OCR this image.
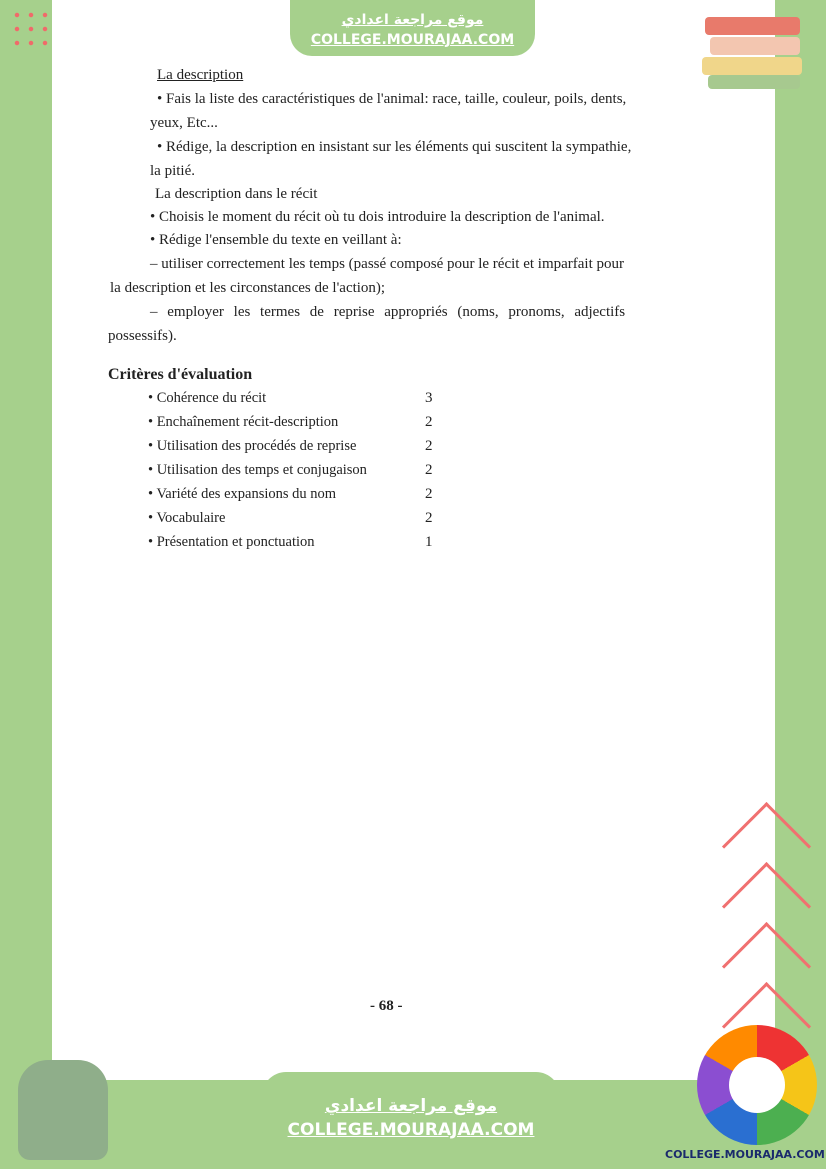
موقع مراجعة اعدادي
COLLEGE.MOURAJAA.COM
La description
• Fais la liste des caractéristiques de l'animal: race, taille, couleur, poils, dents,
yeux, Etc...
• Rédige, la description en insistant sur les éléments qui suscitent la sympathie,
la pitié.
La description dans le récit
• Choisis le moment du récit où tu dois introduire la description de l'animal.
• Rédige l'ensemble du texte en veillant à:
– utiliser correctement les temps (passé composé pour le récit et imparfait pour
la description et les circonstances de l'action);
– employer les termes de reprise appropriés (noms, pronoms, adjectifs
possessifs).
Critères d'évaluation
• Cohérence du récit	3
• Enchaînement récit-description	2
• Utilisation des procédés de reprise	2
• Utilisation des temps et conjugaison	2
• Variété des expansions du nom	2
• Vocabulaire	2
• Présentation et ponctuation	1
- 68 -
موقع مراجعة اعدادي
COLLEGE.MOURAJAA.COM
COLLEGE.MOURAJAA.COM
